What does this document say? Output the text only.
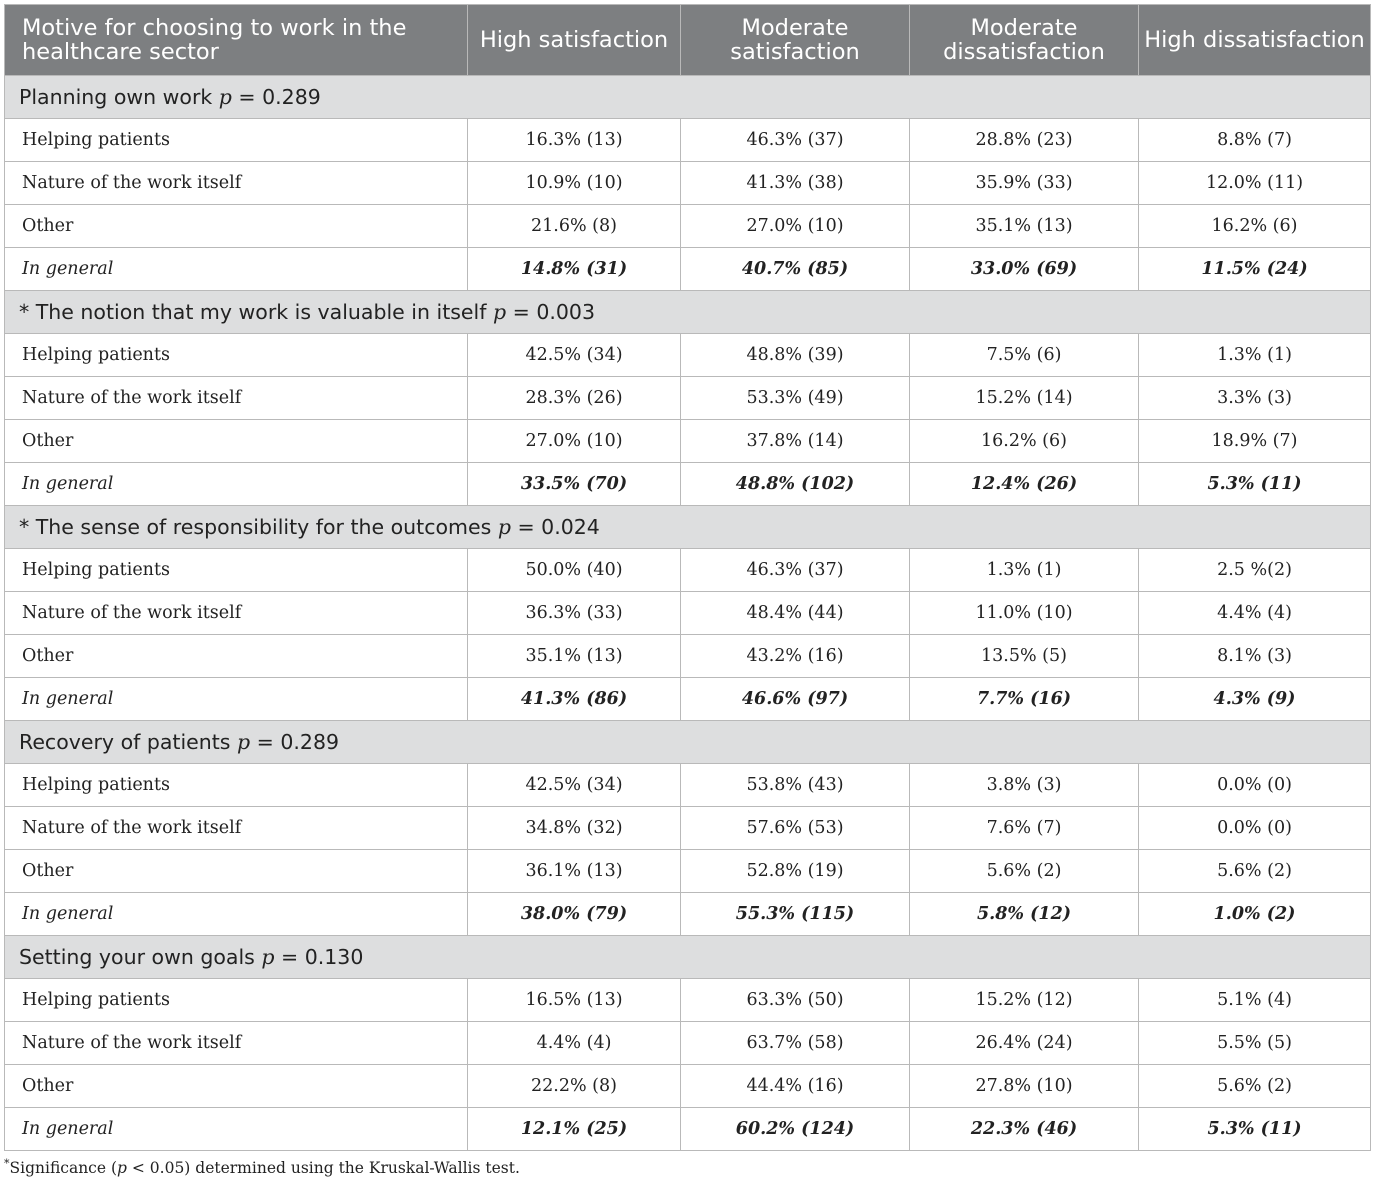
Motive for choosing to work in the healthcare sector	High satisfaction	Moderate satisfaction	Moderate dissatisfaction	High dissatisfaction
Planning own work p = 0.289				
Helping patients	16.3% (13)	46.3% (37)	28.8% (23)	8.8% (7)
Nature of the work itself	10.9% (10)	41.3% (38)	35.9% (33)	12.0% (11)
Other	21.6% (8)	27.0% (10)	35.1% (13)	16.2% (6)
In general	14.8% (31)	40.7% (85)	33.0% (69)	11.5% (24)
* The notion that my work is valuable in itself p = 0.003				
Helping patients	42.5% (34)	48.8% (39)	7.5% (6)	1.3% (1)
Nature of the work itself	28.3% (26)	53.3% (49)	15.2% (14)	3.3% (3)
Other	27.0% (10)	37.8% (14)	16.2% (6)	18.9% (7)
In general	33.5% (70)	48.8% (102)	12.4% (26)	5.3% (11)
* The sense of responsibility for the outcomes p = 0.024				
Helping patients	50.0% (40)	46.3% (37)	1.3% (1)	2.5 %(2)
Nature of the work itself	36.3% (33)	48.4% (44)	11.0% (10)	4.4% (4)
Other	35.1% (13)	43.2% (16)	13.5% (5)	8.1% (3)
In general	41.3% (86)	46.6% (97)	7.7% (16)	4.3% (9)
Recovery of patients p = 0.289				
Helping patients	42.5% (34)	53.8% (43)	3.8% (3)	0.0% (0)
Nature of the work itself	34.8% (32)	57.6% (53)	7.6% (7)	0.0% (0)
Other	36.1% (13)	52.8% (19)	5.6% (2)	5.6% (2)
In general	38.0% (79)	55.3% (115)	5.8% (12)	1.0% (2)
Setting your own goals p = 0.130				
Helping patients	16.5% (13)	63.3% (50)	15.2% (12)	5.1% (4)
Nature of the work itself	4.4% (4)	63.7% (58)	26.4% (24)	5.5% (5)
Other	22.2% (8)	44.4% (16)	27.8% (10)	5.6% (2)
In general	12.1% (25)	60.2% (124)	22.3% (46)	5.3% (11)
*Significance (p < 0.05) determined using the Kruskal-Wallis test.
